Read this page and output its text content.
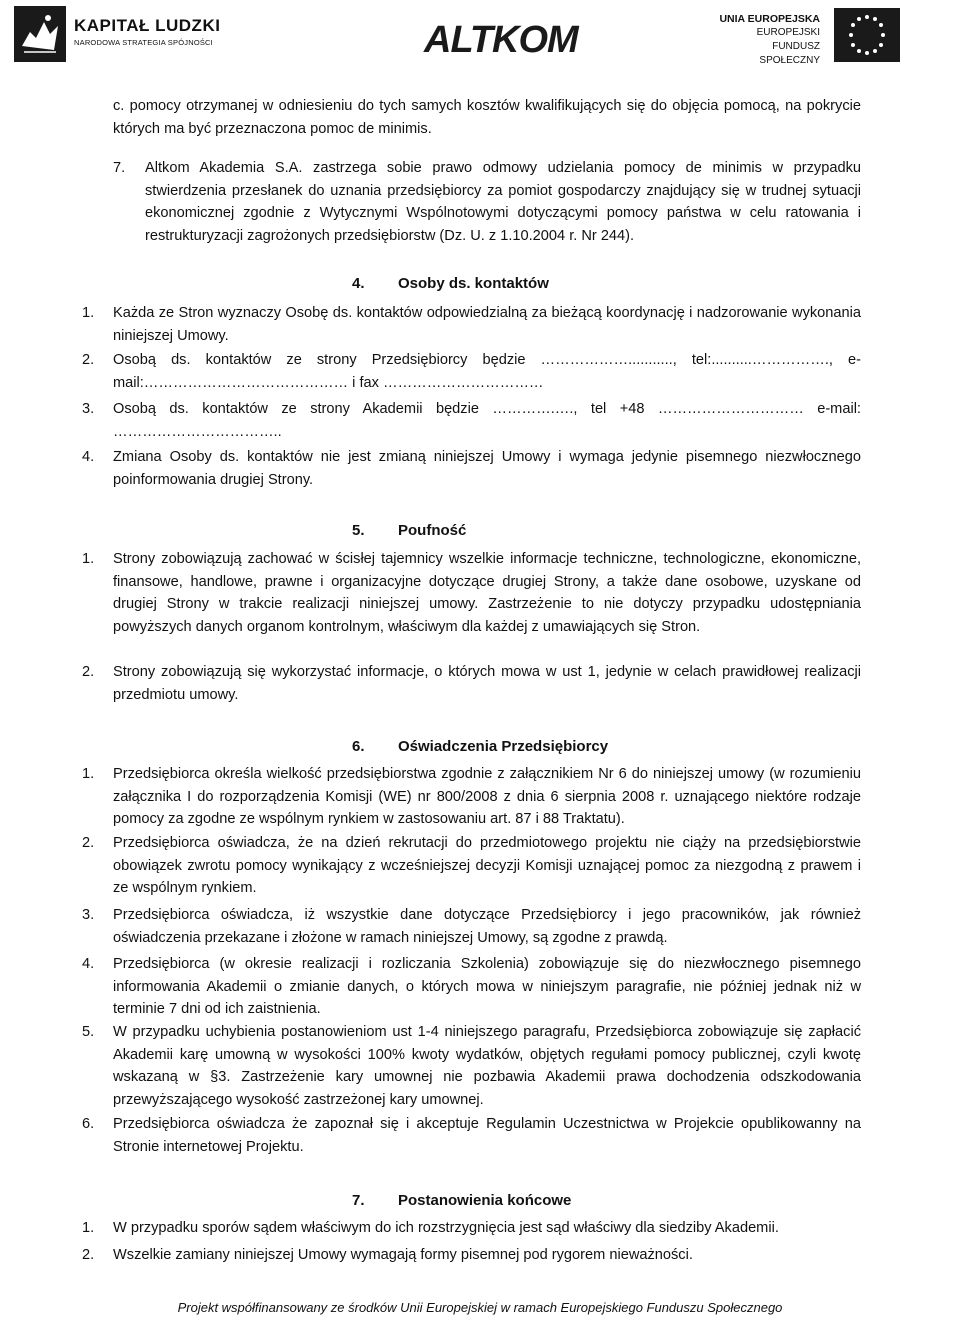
KAPITAŁ LUDZKI
NARODOWA STRATEGIA SPÓJNOŚCI	ALTKOM	UNIA EUROPEJSKA
EUROPEJSKI
FUNDUSZ SPOŁECZNY
c. pomocy otrzymanej w odniesieniu do tych samych kosztów kwalifikujących się do objęcia pomocą, na pokrycie których ma być przeznaczona pomoc de minimis.
7. Altkom Akademia S.A. zastrzega sobie prawo odmowy udzielania pomocy de minimis w przypadku stwierdzenia przesłanek do uznania przedsiębiorcy za pomiot gospodarczy znajdujący się w trudnej sytuacji ekonomicznej zgodnie z Wytycznymi Wspólnotowymi dotyczącymi pomocy państwa w celu ratowania i restrukturyzacji zagrożonych przedsiębiorstw (Dz. U. z 1.10.2004 r. Nr 244).
4. Osoby ds. kontaktów
1. Każda ze Stron wyznaczy Osobę ds. kontaktów odpowiedzialną za bieżącą koordynację i nadzorowanie wykonania niniejszej Umowy.
2. Osobą ds. kontaktów ze strony Przedsiębiorcy będzie ………………..........., tel:..........……………., e-mail:…………………………………… i fax ……………………………
3. Osobą ds. kontaktów ze strony Akademii będzie ………….…., tel +48 ………………………… e-mail: ……………………………..
4. Zmiana Osoby ds. kontaktów nie jest zmianą niniejszej Umowy i wymaga jedynie pisemnego niezwłocznego poinformowania drugiej Strony.
5. Poufność
1. Strony zobowiązują zachować w ścisłej tajemnicy wszelkie informacje techniczne, technologiczne, ekonomiczne, finansowe, handlowe, prawne i organizacyjne dotyczące drugiej Strony, a także dane osobowe, uzyskane od drugiej Strony w trakcie realizacji niniejszej umowy. Zastrzeżenie to nie dotyczy przypadku udostępniania powyższych danych organom kontrolnym, właściwym dla każdej z umawiających się Stron.
2. Strony zobowiązują się wykorzystać informacje, o których mowa w ust 1, jedynie w celach prawidłowej realizacji przedmiotu umowy.
6. Oświadczenia Przedsiębiorcy
1. Przedsiębiorca określa wielkość przedsiębiorstwa zgodnie z załącznikiem Nr 6 do niniejszej umowy (w rozumieniu załącznika I do rozporządzenia Komisji (WE) nr 800/2008 z dnia 6 sierpnia 2008 r. uznającego niektóre rodzaje pomocy za zgodne ze wspólnym rynkiem w zastosowaniu art. 87 i 88 Traktatu).
2. Przedsiębiorca oświadcza, że na dzień rekrutacji do przedmiotowego projektu nie ciąży na przedsiębiorstwie obowiązek zwrotu pomocy wynikający z wcześniejszej decyzji Komisji uznającej pomoc za niezgodną z prawem i ze wspólnym rynkiem.
3. Przedsiębiorca oświadcza, iż wszystkie dane dotyczące Przedsiębiorcy i jego pracowników, jak również oświadczenia przekazane i złożone w ramach niniejszej Umowy, są zgodne z prawdą.
4. Przedsiębiorca (w okresie realizacji i rozliczania Szkolenia) zobowiązuje się do niezwłocznego pisemnego informowania Akademii o zmianie danych, o których mowa w niniejszym paragrafie, nie później jednak niż w terminie 7 dni od ich zaistnienia.
5. W przypadku uchybienia postanowieniom ust 1-4 niniejszego paragrafu, Przedsiębiorca zobowiązuje się zapłacić Akademii karę umowną w wysokości 100% kwoty wydatków, objętych regułami pomocy publicznej, czyli kwotę wskazaną w §3. Zastrzeżenie kary umownej nie pozbawia Akademii prawa dochodzenia odszkodowania przewyższającego wysokość zastrzeżonej kary umownej.
6. Przedsiębiorca oświadcza że zapoznał się i akceptuje Regulamin Uczestnictwa w Projekcie opublikowanny na Stronie internetowej Projektu.
7. Postanowienia końcowe
1. W przypadku sporów sądem właściwym do ich rozstrzygnięcia jest sąd właściwy dla siedziby Akademii.
2. Wszelkie zamiany niniejszej Umowy wymagają formy pisemnej pod rygorem nieważności.
Projekt współfinansowany ze środków Unii Europejskiej w ramach Europejskiego Funduszu Społecznego
